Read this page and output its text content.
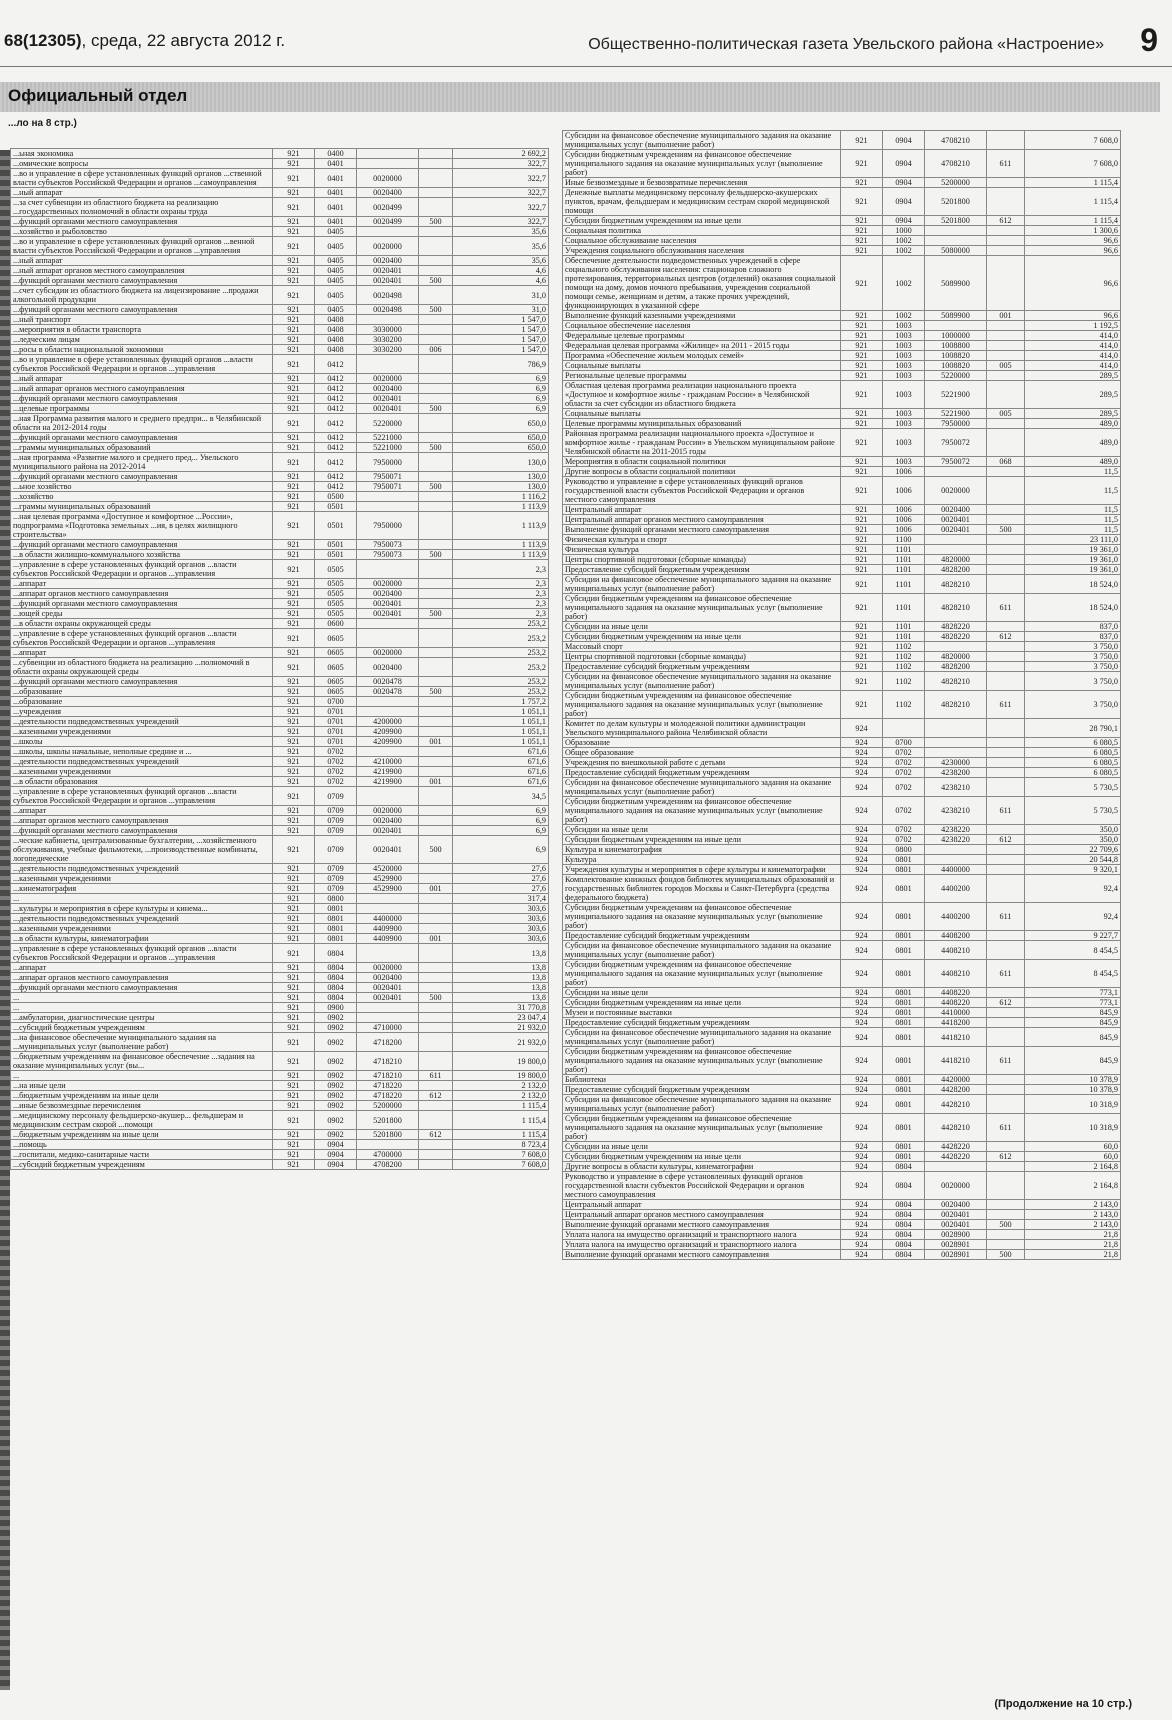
68(12305), среда, 22 августа 2012 г.	Общественно-политическая газета Увельского района «Настроение» 9
Официальный отдел
...ло на 8 стр.)
...ьная экономика	921	0400			2 692,2
...омические вопросы	921	0401			322,7
...во и управление в сфере установленных функций органов ...ственной власти субъектов Российской Федерации и органов ...самоуправления	921	0401	0020000		322,7
...ный аппарат	921	0401	0020400		322,7
...за счет субвенции из областного бюджета на реализацию ...государственных полномочий в области охраны труда	921	0401	0020499		322,7
...функций органами местного самоуправления	921	0401	0020499	500	322,7
...хозяйство и рыболовство	921	0405			35,6
...во и управление в сфере установленных функций органов ...венной власти субъектов Российской Федерации и органов ...управления	921	0405	0020000		35,6
...ный аппарат	921	0405	0020400		35,6
...ный аппарат органов местного самоуправления	921	0405	0020401		4,6
...функций органами местного самоуправления	921	0405	0020401	500	4,6
...счет субсидии из областного бюджета на лицензирование ...продажи алкогольной продукции	921	0405	0020498		31,0
...функций органами местного самоуправления	921	0405	0020498	500	31,0
...ный транспорт	921	0408			1 547,0
...мероприятия в области транспорта	921	0408	3030000		1 547,0
...ледческим лицам	921	0408	3030200		1 547,0
...росы в области национальной экономики	921	0408	3030200	006	1 547,0
...во и управление в сфере установленных функций органов ...власти субъектов Российской Федерации и органов ...управления	921	0412			786,9
...ный аппарат	921	0412	0020000		6,9
...ный аппарат органов местного самоуправления	921	0412	0020400		6,9
...функций органами местного самоуправления	921	0412	0020401		6,9
...целевые программы	921	0412	0020401	500	6,9
...ная Программа развития малого и среднего предпри... в Челябинской области на 2012-2014 годы	921	0412	5220000		650,0
...функций органами местного самоуправления	921	0412	5221000		650,0
...граммы муниципальных образований	921	0412	5221000	500	650,0
...ная программа «Развитие малого и среднего пред... Увельского муниципального района на 2012-2014	921	0412	7950000		130,0
...функций органами местного самоуправления	921	0412	7950071		130,0
...ьное хозяйство	921	0412	7950071	500	130,0
...хозяйство	921	0500			1 116,2
...граммы муниципальных образований	921	0501			1 113,9
...ная целевая программа «Доступное и комфортное ...России», подпрограмма «Подготовка земельных ...ия, в целях жилищного строительства»	921	0501	7950000		1 113,9
...функций органами местного самоуправления	921	0501	7950073		1 113,9
...в области жилищно-коммунального хозяйства	921	0501	7950073	500	1 113,9
...управление в сфере установленных функций органов ...власти субъектов Российской Федерации и органов ...управления	921	0505			2,3
...аппарат	921	0505	0020000		2,3
...аппарат органов местного самоуправления	921	0505	0020400		2,3
...функций органами местного самоуправления	921	0505	0020401		2,3
...ющей среды	921	0505	0020401	500	2,3
...в области охраны окружающей среды	921	0600			253,2
...управление в сфере установленных функций органов ...власти субъектов Российской Федерации и органов ...управления	921	0605			253,2
...аппарат	921	0605	0020000		253,2
...субвенции из областного бюджета на реализацию ...полномочий в области охраны окружающей среды	921	0605	0020400		253,2
...функций органами местного самоуправления	921	0605	0020478		253,2
...образование	921	0605	0020478	500	253,2
...образование	921	0700			1 757,2
...учреждения	921	0701			1 051,1
...деятельности подведомственных учреждений	921	0701	4200000		1 051,1
...казенными учреждениями	921	0701	4209900		1 051,1
...школы	921	0701	4209900	001	1 051,1
...школы, школы начальные, неполные средние и ...	921	0702			671,6
...деятельности подведомственных учреждений	921	0702	4210000		671,6
...казенными учреждениями	921	0702	4219900		671,6
...в области образования	921	0702	4219900	001	671,6
...управление в сфере установленных функций органов ...власти субъектов Российской Федерации и органов ...управления	921	0709			34,5
...аппарат	921	0709	0020000		6,9
...аппарат органов местного самоуправления	921	0709	0020400		6,9
...функций органами местного самоуправления	921	0709	0020401		6,9
...ческие кабинеты, централизованные бухгалтерии, ...хозяйственного обслуживания, учебные фильмотеки, ...производственные комбинаты, логопедические	921	0709	0020401	500	6,9
...деятельности подведомственных учреждений	921	0709	4520000		27,6
...казенными учреждениями	921	0709	4529900		27,6
...кинематография	921	0709	4529900	001	27,6
...	921	0800			317,4
...культуры и мероприятия в сфере культуры и кинема...	921	0801			303,6
...деятельности подведомственных учреждений	921	0801	4400000		303,6
...казенными учреждениями	921	0801	4409900		303,6
...в области культуры, кинематографии	921	0801	4409900	001	303,6
...управление в сфере установленных функций органов ...власти субъектов Российской Федерации и органов ...управления	921	0804			13,8
...аппарат	921	0804	0020000		13,8
...аппарат органов местного самоуправления	921	0804	0020400		13,8
...функций органами местного самоуправления	921	0804	0020401		13,8
...	921	0804	0020401	500	13,8
...	921	0900			31 770,8
...амбулатории, диагностические центры	921	0902			23 047,4
...субсидий бюджетным учреждениям	921	0902	4710000		21 932,0
...на финансовое обеспечение муниципального задания на ...муниципальных услуг (выполнение работ)	921	0902	4718200		21 932,0
...бюджетным учреждениям на финансовое обеспечение ...задания на оказание муниципальных услуг (вы...	921	0902	4718210		19 800,0
...	921	0902	4718210	611	19 800,0
...на иные цели	921	0902	4718220		2 132,0
...бюджетным учреждениям на иные цели	921	0902	4718220	612	2 132,0
...иные безвозмездные перечисления	921	0902	5200000		1 115,4
...медицинскому персоналу фельдшерско-акушер... фельдшерам и медицинским сестрам скорой ...помощи	921	0902	5201800		1 115,4
...бюджетным учреждениям на иные цели	921	0902	5201800	612	1 115,4
...помощь	921	0904			8 723,4
...госпитали, медико-санитарные части	921	0904	4700000		7 608,0
...субсидий бюджетным учреждениям	921	0904	4708200		7 608,0
Субсидии на финансовое обеспечение муниципального задания на оказание муниципальных услуг (выполнение работ)	921	0904	4708210		7 608,0
Субсидии бюджетным учреждениям на финансовое обеспечение муниципального задания на оказание муниципальных услуг (выполнение работ)	921	0904	4708210	611	7 608,0
Иные безвозмездные и безвозвратные перечисления	921	0904	5200000		1 115,4
Денежные выплаты медицинскому персоналу фельдшерско-акушерских пунктов, врачам, фельдшерам и медицинским сестрам скорой медицинской помощи	921	0904	5201800		1 115,4
Субсидии бюджетным учреждениям на иные цели	921	0904	5201800	612	1 115,4
Социальная политика	921	1000			1 300,6
Социальное обслуживание населения	921	1002			96,6
Учреждения социального обслуживания населения	921	1002	5080000		96,6
Обеспечение деятельности подведомственных учреждений в сфере социального обслуживания населения: стационаров сложного протезирования, территориальных центров (отделений) оказания социальной помощи на дому, домов ночного пребывания, учреждения социальной помощи семье, женщинам и детям, а также прочих учреждений, функционирующих в указанной сфере	921	1002	5089900		96,6
Выполнение функций казенными учреждениями	921	1002	5089900	001	96,6
Социальное обеспечение населения	921	1003			1 192,5
Федеральные целевые программы	921	1003	1000000		414,0
Федеральная целевая программа «Жилище» на 2011 - 2015 годы	921	1003	1008800		414,0
Программа «Обеспечение жильем молодых семей»	921	1003	1008820		414,0
Социальные выплаты	921	1003	1008820	005	414,0
Региональные целевые программы	921	1003	5220000		289,5
Областная целевая программа реализации национального проекта «Доступное и комфортное жилье - гражданам России» в Челябинской области за счет субсидии из областного бюджета	921	1003	5221900		289,5
Социальные выплаты	921	1003	5221900	005	289,5
Целевые программы муниципальных образований	921	1003	7950000		489,0
Районная программа реализации национального проекта «Доступное и комфортное жилье - гражданам России» в Увельском муниципальном районе Челябинской области на 2011-2015 годы	921	1003	7950072		489,0
Мероприятия в области социальной политики	921	1003	7950072	068	489,0
Другие вопросы в области социальной политики	921	1006			11,5
Руководство и управление в сфере установленных функций органов государственной власти субъектов Российской Федерации и органов местного самоуправления	921	1006	0020000		11,5
Центральный аппарат	921	1006	0020400		11,5
Центральный аппарат органов местного самоуправления	921	1006	0020401		11,5
Выполнение функций органами местного самоуправления	921	1006	0020401	500	11,5
Физическая культура и спорт	921	1100			23 111,0
Физическая культура	921	1101			19 361,0
Центры спортивной подготовки (сборные команды)	921	1101	4820000		19 361,0
Предоставление субсидий бюджетным учреждениям	921	1101	4828200		19 361,0
Субсидии на финансовое обеспечение муниципального задания на оказание муниципальных услуг (выполнение работ)	921	1101	4828210		18 524,0
Субсидии бюджетным учреждениям на финансовое обеспечение муниципального задания на оказание муниципальных услуг (выполнение работ)	921	1101	4828210	611	18 524,0
Субсидии на иные цели	921	1101	4828220		837,0
Субсидии бюджетным учреждениям на иные цели	921	1101	4828220	612	837,0
Массовый спорт	921	1102			3 750,0
Центры спортивной подготовки (сборные команды)	921	1102	4820000		3 750,0
Предоставление субсидий бюджетным учреждениям	921	1102	4828200		3 750,0
Субсидии на финансовое обеспечение муниципального задания на оказание муниципальных услуг (выполнение работ)	921	1102	4828210		3 750,0
Субсидии бюджетным учреждениям на финансовое обеспечение муниципального задания на оказание муниципальных услуг (выполнение работ)	921	1102	4828210	611	3 750,0
Комитет по делам культуры и молодежной политики администрации Увельского муниципального района Челябинской области	924				28 790,1
Образование	924	0700			6 080,5
Общее образование	924	0702			6 080,5
Учреждения по внешкольной работе с детьми	924	0702	4230000		6 080,5
Предоставление субсидий бюджетным учреждениям	924	0702	4238200		6 080,5
Субсидии на финансовое обеспечение муниципального задания на оказание муниципальных услуг (выполнение работ)	924	0702	4238210		5 730,5
Субсидии бюджетным учреждениям на финансовое обеспечение муниципального задания на оказание муниципальных услуг (выполнение работ)	924	0702	4238210	611	5 730,5
Субсидии на иные цели	924	0702	4238220		350,0
Субсидии бюджетным учреждениям на иные цели	924	0702	4238220	612	350,0
Культура и кинематография	924	0800			22 709,6
Культура	924	0801			20 544,8
Учреждения культуры и мероприятия в сфере культуры и кинематографии	924	0801	4400000		9 320,1
Комплектование книжных фондов библиотек муниципальных образований и государственных библиотек городов Москвы и Санкт-Петербурга (средства федерального бюджета)	924	0801	4400200		92,4
Субсидии бюджетным учреждениям на финансовое обеспечение муниципального задания на оказание муниципальных услуг (выполнение работ)	924	0801	4400200	611	92,4
Предоставление субсидий бюджетным учреждениям	924	0801	4408200		9 227,7
Субсидии на финансовое обеспечение муниципального задания на оказание муниципальных услуг (выполнение работ)	924	0801	4408210		8 454,5
Субсидии бюджетным учреждениям на финансовое обеспечение муниципального задания на оказание муниципальных услуг (выполнение работ)	924	0801	4408210	611	8 454,5
Субсидии на иные цели	924	0801	4408220		773,1
Субсидии бюджетным учреждениям на иные цели	924	0801	4408220	612	773,1
Музеи и постоянные выставки	924	0801	4410000		845,9
Предоставление субсидий бюджетным учреждениям	924	0801	4418200		845,9
Субсидии на финансовое обеспечение муниципального задания на оказание муниципальных услуг (выполнение работ)	924	0801	4418210		845,9
Субсидии бюджетным учреждениям на финансовое обеспечение муниципального задания на оказание муниципальных услуг (выполнение работ)	924	0801	4418210	611	845,9
Библиотеки	924	0801	4420000		10 378,9
Предоставление субсидий бюджетным учреждениям	924	0801	4428200		10 378,9
Субсидии на финансовое обеспечение муниципального задания на оказание муниципальных услуг (выполнение работ)	924	0801	4428210		10 318,9
Субсидии бюджетным учреждениям на финансовое обеспечение муниципального задания на оказание муниципальных услуг (выполнение работ)	924	0801	4428210	611	10 318,9
Субсидии на иные цели	924	0801	4428220		60,0
Субсидии бюджетным учреждениям на иные цели	924	0801	4428220	612	60,0
Другие вопросы в области культуры, кинематографии	924	0804			2 164,8
Руководство и управление в сфере установленных функций органов государственной власти субъектов Российской Федерации и органов местного самоуправления	924	0804	0020000		2 164,8
Центральный аппарат	924	0804	0020400		2 143,0
Центральный аппарат органов местного самоуправления	924	0804	0020401		2 143,0
Выполнение функций органами местного самоуправления	924	0804	0020401	500	2 143,0
Уплата налога на имущество организаций и транспортного налога	924	0804	0028900		21,8
Уплата налога на имущество организаций и транспортного налога	924	0804	0028901		21,8
Выполнение функций органами местного самоуправления	924	0804	0028901	500	21,8
(Продолжение на 10 стр.)
